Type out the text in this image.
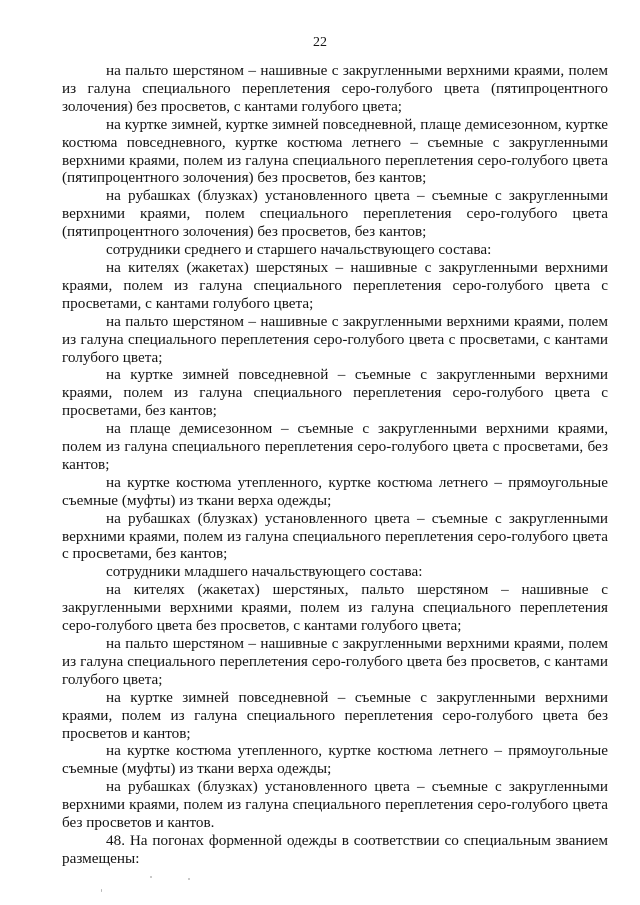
22

на пальто шерстяном – нашивные с закругленными верхними краями, полем из галуна специального переплетения серо-голубого цвета (пятипроцентного золочения) без просветов, с кантами голубого цвета;

на куртке зимней, куртке зимней повседневной, плаще демисезонном, куртке костюма повседневного, куртке костюма летнего – съемные с закругленными верхними краями, полем из галуна специального переплетения серо-голубого цвета (пятипроцентного золочения) без просветов, без кантов;

на рубашках (блузках) установленного цвета – съемные с закругленными верхними краями, полем специального переплетения серо-голубого цвета (пятипроцентного золочения) без просветов, без кантов;

сотрудники среднего и старшего начальствующего состава:

на кителях (жакетах) шерстяных – нашивные с закругленными верхними краями, полем из галуна специального переплетения серо-голубого цвета с просветами, с кантами голубого цвета;

на пальто шерстяном – нашивные с закругленными верхними краями, полем из галуна специального переплетения серо-голубого цвета с просветами, с кантами голубого цвета;

на куртке зимней повседневной – съемные с закругленными верхними краями, полем из галуна специального переплетения серо-голубого цвета с просветами, без кантов;

на плаще демисезонном – съемные с закругленными верхними краями, полем из галуна специального переплетения серо-голубого цвета с просветами, без кантов;

на куртке костюма утепленного, куртке костюма летнего – прямоугольные съемные (муфты) из ткани верха одежды;

на рубашках (блузках) установленного цвета – съемные с закругленными верхними краями, полем из галуна специального переплетения серо-голубого цвета с просветами, без кантов;

сотрудники младшего начальствующего состава:

на кителях (жакетах) шерстяных, пальто шерстяном – нашивные с закругленными верхними краями, полем из галуна специального переплетения серо-голубого цвета без просветов, с кантами голубого цвета;

на пальто шерстяном – нашивные с закругленными верхними краями, полем из галуна специального переплетения серо-голубого цвета без просветов, с кантами голубого цвета;

на куртке зимней повседневной – съемные с закругленными верхними краями, полем из галуна специального переплетения серо-голубого цвета без просветов и кантов;

на куртке костюма утепленного, куртке костюма летнего – прямоугольные съемные (муфты) из ткани верха одежды;

на рубашках (блузках) установленного цвета – съемные с закругленными верхними краями, полем из галуна специального переплетения серо-голубого цвета без просветов и кантов.

48. На погонах форменной одежды в соответствии со специальным званием размещены:
